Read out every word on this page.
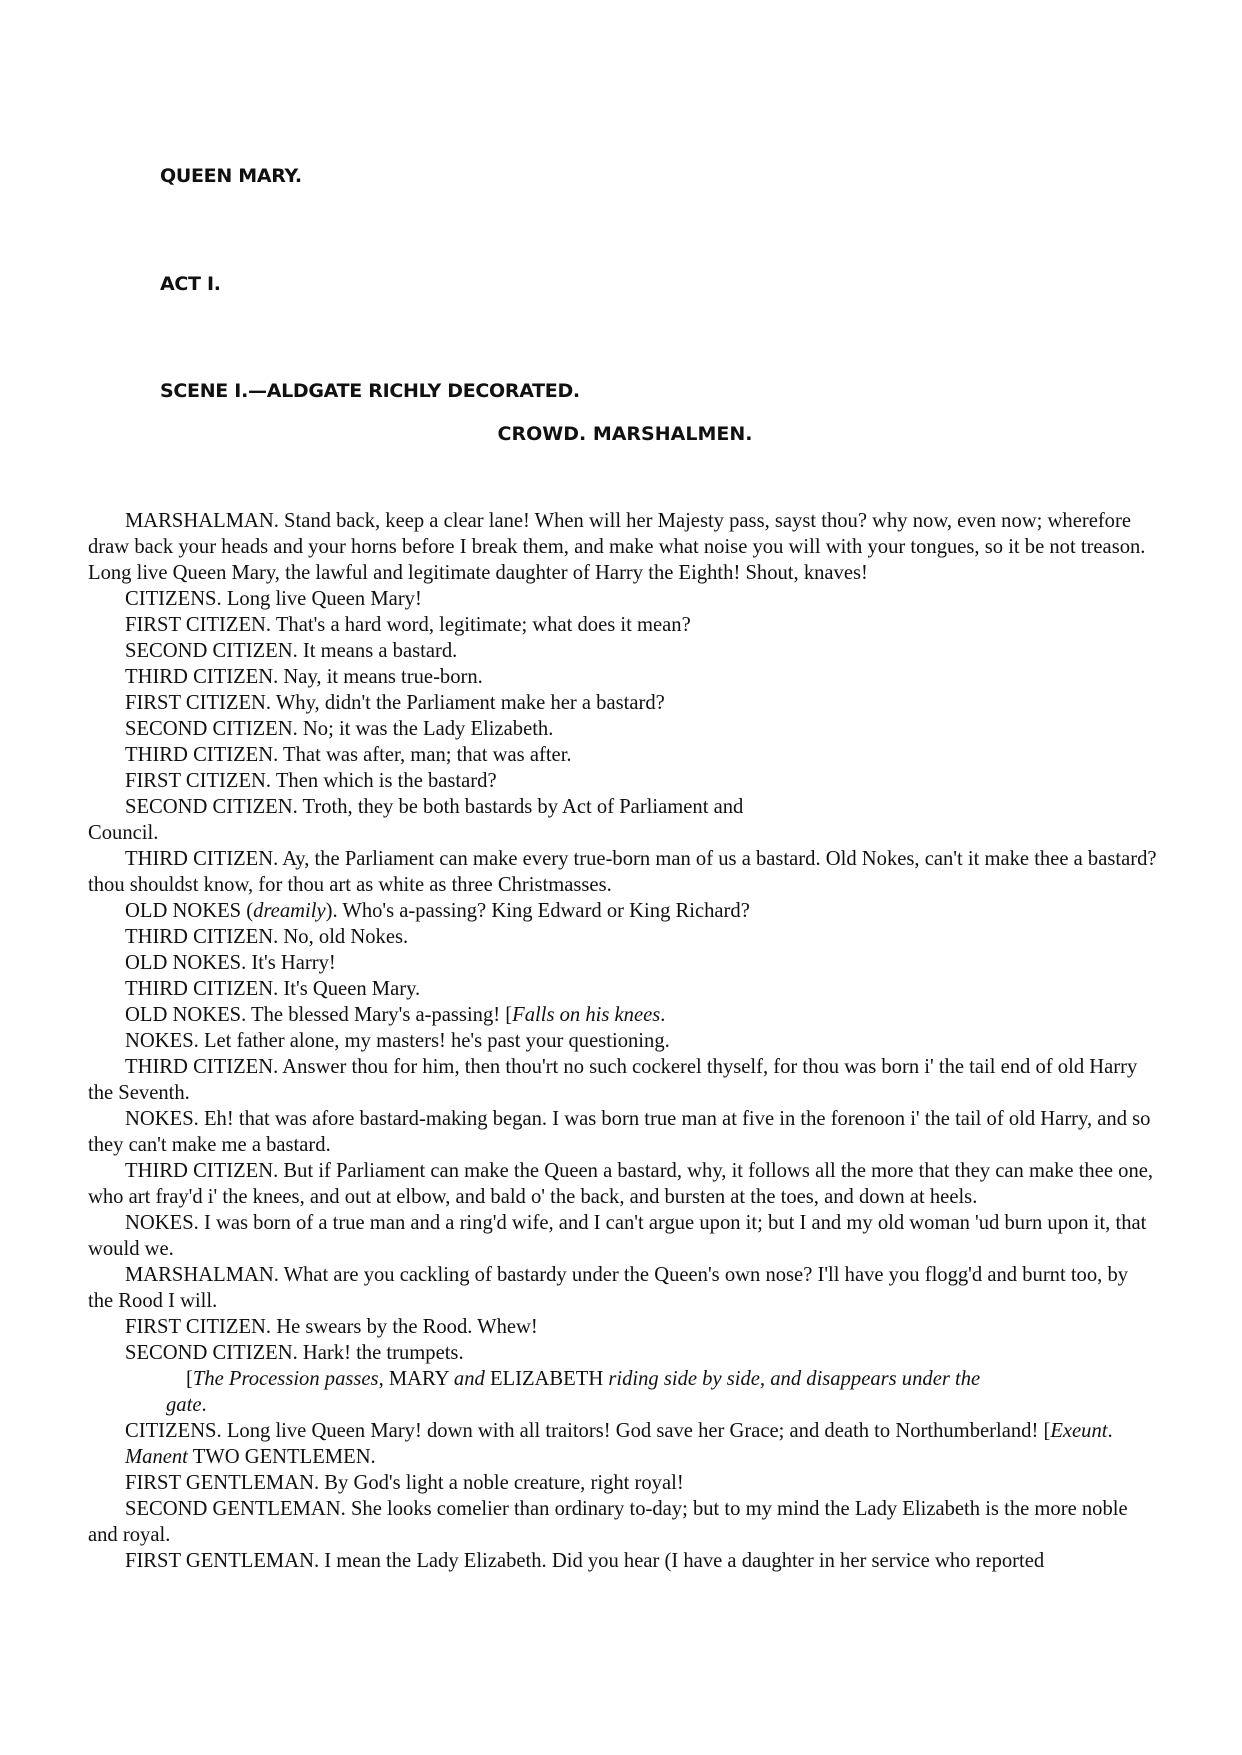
QUEEN MARY.
ACT I.
SCENE I.—ALDGATE RICHLY DECORATED.

CROWD. MARSHALMEN.

MARSHALMAN. Stand back, keep a clear lane! When will her Majesty pass, sayst thou? why now, even now; wherefore draw back your heads and your horns before I break them, and make what noise you will with your tongues, so it be not treason. Long live Queen Mary, the lawful and legitimate daughter of Harry the Eighth! Shout, knaves!

CITIZENS. Long live Queen Mary!

FIRST CITIZEN. That's a hard word, legitimate; what does it mean?

SECOND CITIZEN. It means a bastard.

THIRD CITIZEN. Nay, it means true-born.

FIRST CITIZEN. Why, didn't the Parliament make her a bastard?

SECOND CITIZEN. No; it was the Lady Elizabeth.

THIRD CITIZEN. That was after, man; that was after.

FIRST CITIZEN. Then which is the bastard?

SECOND CITIZEN. Troth, they be both bastards by Act of Parliament and

Council.

THIRD CITIZEN. Ay, the Parliament can make every true-born man of us a bastard. Old Nokes, can't it make thee a bastard? thou shouldst know, for thou art as white as three Christmasses.

OLD NOKES (dreamily). Who's a-passing? King Edward or King Richard?

THIRD CITIZEN. No, old Nokes.

OLD NOKES. It's Harry!

THIRD CITIZEN. It's Queen Mary.

OLD NOKES. The blessed Mary's a-passing! [Falls on his knees.

NOKES. Let father alone, my masters! he's past your questioning.

THIRD CITIZEN. Answer thou for him, then thou'rt no such cockerel thyself, for thou was born i' the tail end of old Harry the Seventh.

NOKES. Eh! that was afore bastard-making began. I was born true man at five in the forenoon i' the tail of old Harry, and so they can't make me a bastard.

THIRD CITIZEN. But if Parliament can make the Queen a bastard, why, it follows all the more that they can make thee one, who art fray'd i' the knees, and out at elbow, and bald o' the back, and bursten at the toes, and down at heels.

NOKES. I was born of a true man and a ring'd wife, and I can't argue upon it; but I and my old woman 'ud burn upon it, that would we.

MARSHALMAN. What are you cackling of bastardy under the Queen's own nose? I'll have you flogg'd and burnt too, by the Rood I will.

FIRST CITIZEN. He swears by the Rood. Whew!

SECOND CITIZEN. Hark! the trumpets.

[The Procession passes, MARY and ELIZABETH riding side by side, and disappears under the
gate.

CITIZENS. Long live Queen Mary! down with all traitors! God save her Grace; and death to Northumberland! [Exeunt.

Manent TWO GENTLEMEN.

FIRST GENTLEMAN. By God's light a noble creature, right royal!

SECOND GENTLEMAN. She looks comelier than ordinary to-day; but to my mind the Lady Elizabeth is the more noble and royal.

FIRST GENTLEMAN. I mean the Lady Elizabeth. Did you hear (I have a daughter in her service who reported
